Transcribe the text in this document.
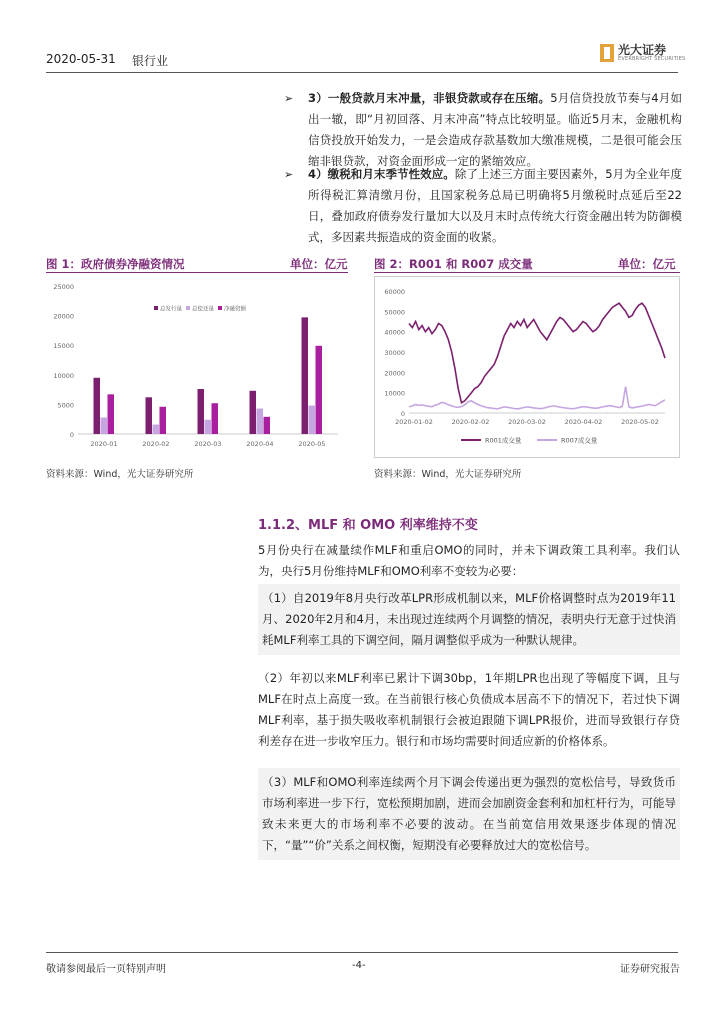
2020-05-31 银行业
光大证券
EVERBRIGHT SECURITIES
➢ 3）一般贷款月末冲量，非银贷款或存在压缩。5月信贷投放节奏与4月如出一辙，即“月初回落、月末冲高”特点比较明显。临近5月末，金融机构信贷投放开始发力，一是会造成存款基数加大缴准规模，二是很可能会压缩非银贷款，对资金面形成一定的紧缩效应。
➢ 4）缴税和月末季节性效应。除了上述三方面主要因素外，5月为全业年度所得税汇算清缴月份，且国家税务总局已明确将5月缴税时点延后至22日，叠加政府债券发行量加大以及月末时点传统大行资金融出转为防御模式，多因素共振造成的资金面的收紧。
图 1：政府债券净融资情况	单位：亿元 图 2：R001 和 R007 成交量	单位：亿元
0
5000
10000
15000
20000
25000
2020-01	2020-02	2020-03	2020-04	2020-05
总发行量 总偿还量 净融资额
0
10000
20000
30000
40000
50000
60000
2020-01-02	2020-02-02	2020-03-02	2020-04-02	2020-05-02
R001成交量	R007成交量
资料来源：Wind，光大证券研究所	资料来源：Wind，光大证券研究所
1.1.2、MLF 和 OMO 利率维持不变
5月份央行在减量续作MLF和重启OMO的同时，并未下调政策工具利率。我们认为，央行5月份维持MLF和OMO利率不变较为必要：
（1）自2019年8月央行改革LPR形成机制以来，MLF价格调整时点为2019年11月、2020年2月和4月，未出现过连续两个月调整的情况，表明央行无意于过快消耗MLF利率工具的下调空间，隔月调整似乎成为一种默认规律。
（2）年初以来MLF利率已累计下调30bp，1年期LPR也出现了等幅度下调，且与MLF在时点上高度一致。在当前银行核心负债成本居高不下的情况下，若过快下调MLF利率，基于损失吸收率机制银行会被迫跟随下调LPR报价，进而导致银行存贷利差存在进一步收窄压力。银行和市场均需要时间适应新的价格体系。
（3）MLF和OMO利率连续两个月下调会传递出更为强烈的宽松信号，导致货币市场利率进一步下行，宽松预期加剧，进而会加剧资金套利和加杠杆行为，可能导致未来更大的市场利率不必要的波动。在当前宽信用效果逐步体现的情况下，“量”“价”关系之间权衡，短期没有必要释放过大的宽松信号。
敬请参阅最后一页特别声明	-4-	证券研究报告
